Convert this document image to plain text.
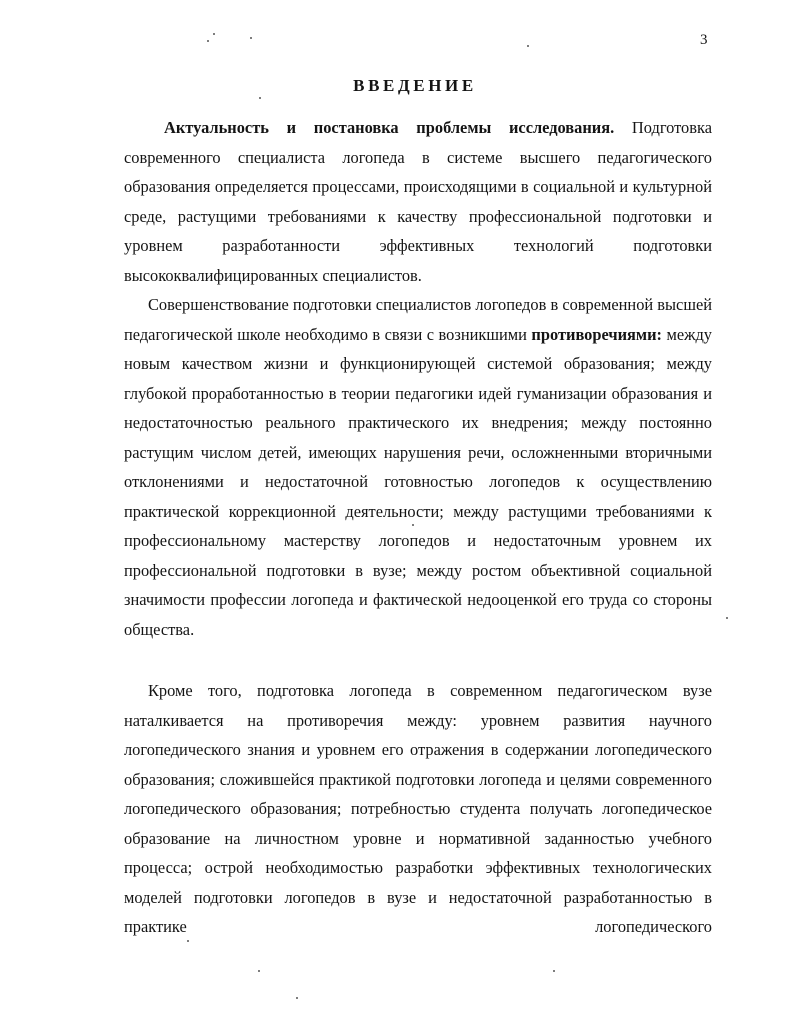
3
ВВЕДЕНИЕ

Актуальность и постановка проблемы исследования. Подготовка современного специалиста логопеда в системе высшего педагогического образования определяется процессами, происходящими в социальной и культурной среде, растущими требованиями к качеству профессиональной подготовки и уровнем разработанности эффективных технологий подготовки высококвалифицированных специалистов.

Совершенствование подготовки специалистов логопедов в современной высшей педагогической школе необходимо в связи с возникшими противоречиями: между новым качеством жизни и функционирующей системой образования; между глубокой проработанностью в теории педагогики идей гуманизации образования и недостаточностью реального практического их внедрения; между постоянно растущим числом детей, имеющих нарушения речи, осложненными вторичными отклонениями и недостаточной готовностью логопедов к осуществлению практической коррекционной деятельности; между растущими требованиями к профессиональному мастерству логопедов и недостаточным уровнем их профессиональной подготовки в вузе; между ростом объективной социальной значимости профессии логопеда и фактической недооценкой его труда со стороны общества.

Кроме того, подготовка логопеда в современном педагогическом вузе наталкивается на противоречия между: уровнем развития научного логопедического знания и уровнем его отражения в содержании логопедического образования; сложившейся практикой подготовки логопеда и целями современного логопедического образования; потребностью студента получать логопедическое образование на личностном уровне и нормативной заданностью учебного процесса; острой необходимостью разработки эффективных технологических моделей подготовки логопедов в вузе и недостаточной разработанностью в практике логопедического
